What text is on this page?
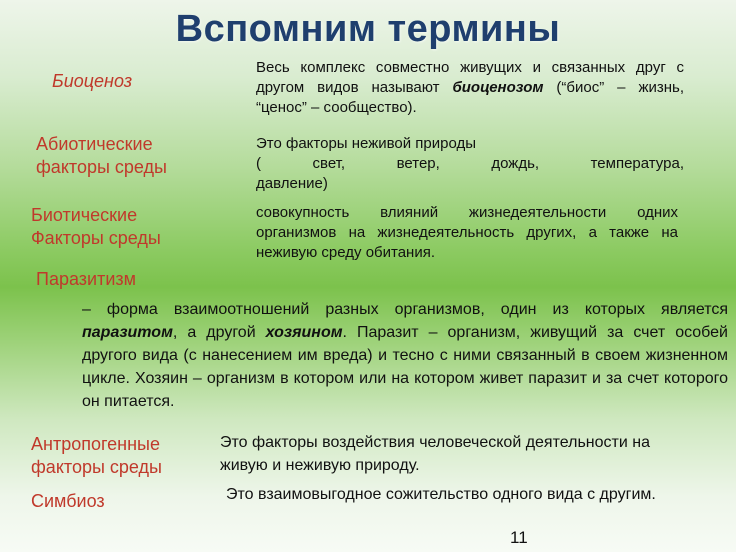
Вспомним термины
Биоценоз
Весь комплекс совместно живущих и связанных друг с другом видов называют биоценозом (“биос” – жизнь, “ценос” – сообщество).
Абиотические факторы среды
Это факторы неживой природы
( свет, ветер, дождь, температура,
давление)
Биотические Факторы среды
совокупность влияний жизнедеятельности одних организмов на жизнедеятельность других, а также на неживую среду обитания.
Паразитизм
– форма взаимоотношений разных организмов, один из которых является паразитом, а другой хозяином. Паразит – организм, живущий за счет особей другого вида (с нанесением им вреда) и тесно с ними связанный в своем жизненном цикле. Хозяин – организм в котором или на котором живет паразит и за счет которого он питается.
Антропогенные факторы среды
Это факторы воздействия человеческой деятельности на живую и неживую природу.
Симбиоз	Это взаимовыгодное сожительство одного вида с другим.
11
